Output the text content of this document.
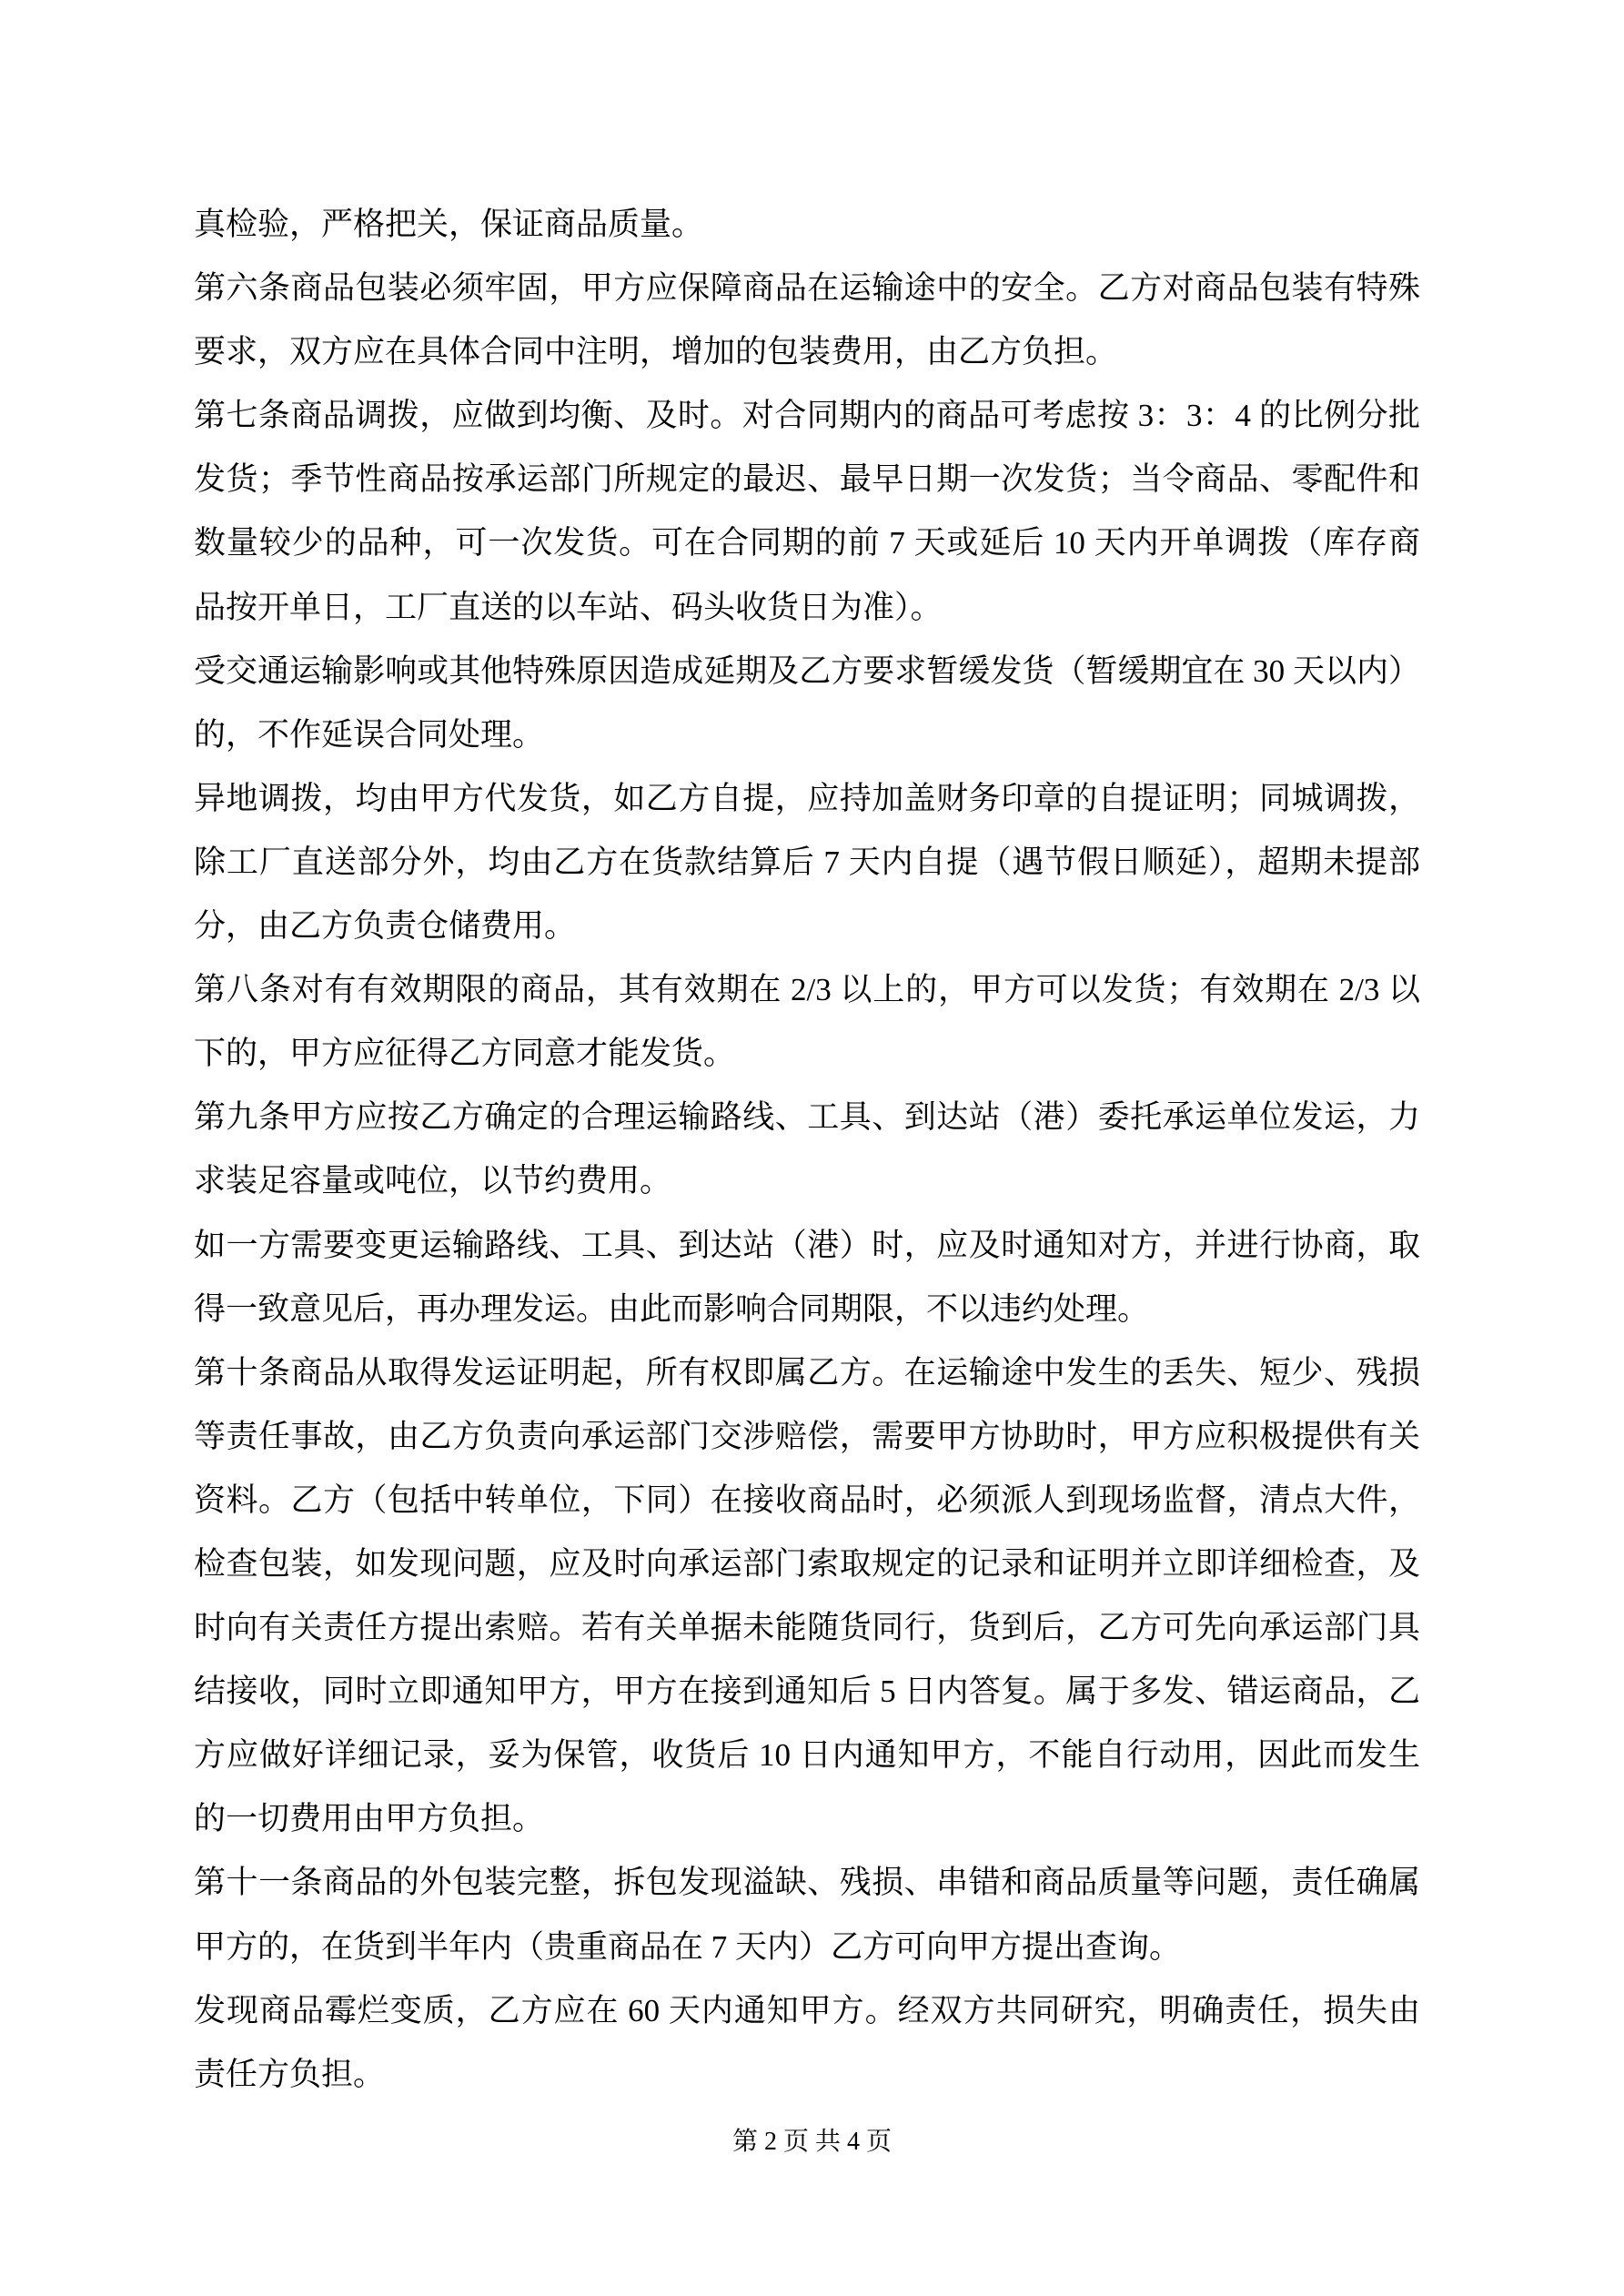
真检验，严格把关，保证商品质量。
第六条商品包装必须牢固，甲方应保障商品在运输途中的安全。乙方对商品包装有特殊
要求，双方应在具体合同中注明，增加的包装费用，由乙方负担。
第七条商品调拨，应做到均衡、及时。对合同期内的商品可考虑按 3：3：4 的比例分批
发货；季节性商品按承运部门所规定的最迟、最早日期一次发货；当令商品、零配件和
数量较少的品种，可一次发货。可在合同期的前 7 天或延后 10 天内开单调拨（库存商
品按开单日，工厂直送的以车站、码头收货日为准）。
受交通运输影响或其他特殊原因造成延期及乙方要求暂缓发货（暂缓期宜在 30 天以内）
的，不作延误合同处理。
异地调拨，均由甲方代发货，如乙方自提，应持加盖财务印章的自提证明；同城调拨，
除工厂直送部分外，均由乙方在货款结算后 7 天内自提（遇节假日顺延），超期未提部
分，由乙方负责仓储费用。
第八条对有有效期限的商品，其有效期在 2/3 以上的，甲方可以发货；有效期在 2/3 以
下的，甲方应征得乙方同意才能发货。
第九条甲方应按乙方确定的合理运输路线、工具、到达站（港）委托承运单位发运，力
求装足容量或吨位，以节约费用。
如一方需要变更运输路线、工具、到达站（港）时，应及时通知对方，并进行协商，取
得一致意见后，再办理发运。由此而影响合同期限，不以违约处理。
第十条商品从取得发运证明起，所有权即属乙方。在运输途中发生的丢失、短少、残损
等责任事故，由乙方负责向承运部门交涉赔偿，需要甲方协助时，甲方应积极提供有关
资料。乙方（包括中转单位，下同）在接收商品时，必须派人到现场监督，清点大件，
检查包装，如发现问题，应及时向承运部门索取规定的记录和证明并立即详细检查，及
时向有关责任方提出索赔。若有关单据未能随货同行，货到后，乙方可先向承运部门具
结接收，同时立即通知甲方，甲方在接到通知后 5 日内答复。属于多发、错运商品，乙
方应做好详细记录，妥为保管，收货后 10 日内通知甲方，不能自行动用，因此而发生
的一切费用由甲方负担。
第十一条商品的外包装完整，拆包发现溢缺、残损、串错和商品质量等问题，责任确属
甲方的，在货到半年内（贵重商品在 7 天内）乙方可向甲方提出查询。
发现商品霉烂变质，乙方应在 60 天内通知甲方。经双方共同研究，明确责任，损失由
责任方负担。
第 2 页 共 4 页
